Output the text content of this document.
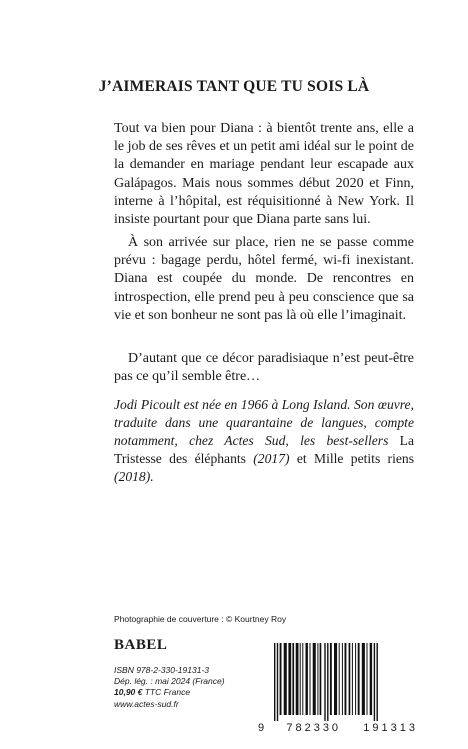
J’AIMERAIS TANT QUE TU SOIS LÀ

Tout va bien pour Diana : à bientôt trente ans, elle a le job de ses rêves et un petit ami idéal sur le point de la demander en mariage pendant leur escapade aux Galápagos. Mais nous sommes début 2020 et Finn, interne à l’hôpital, est réquisitionné à New York. Il insiste pourtant pour que Diana parte sans lui.

À son arrivée sur place, rien ne se passe comme prévu : bagage perdu, hôtel fermé, wi-fi inexistant. Diana est coupée du monde. De rencontres en introspection, elle prend peu à peu conscience que sa vie et son bonheur ne sont pas là où elle l’imaginait.

D’autant que ce décor paradisiaque n’est peut-être pas ce qu’il semble être…

Jodi Picoult est née en 1966 à Long Island. Son œuvre, traduite dans une quarantaine de langues, compte notamment, chez Actes Sud, les best-sellers La Tristesse des éléphants (2017) et Mille petits riens (2018).
Photographie de couverture : © Kourtney Roy
BABEL
ISBN 978-2-330-19131-3
Dép. lég. : mai 2024 (France)
10,90 € TTC France
www.actes-sud.fr
9 782330 191313
